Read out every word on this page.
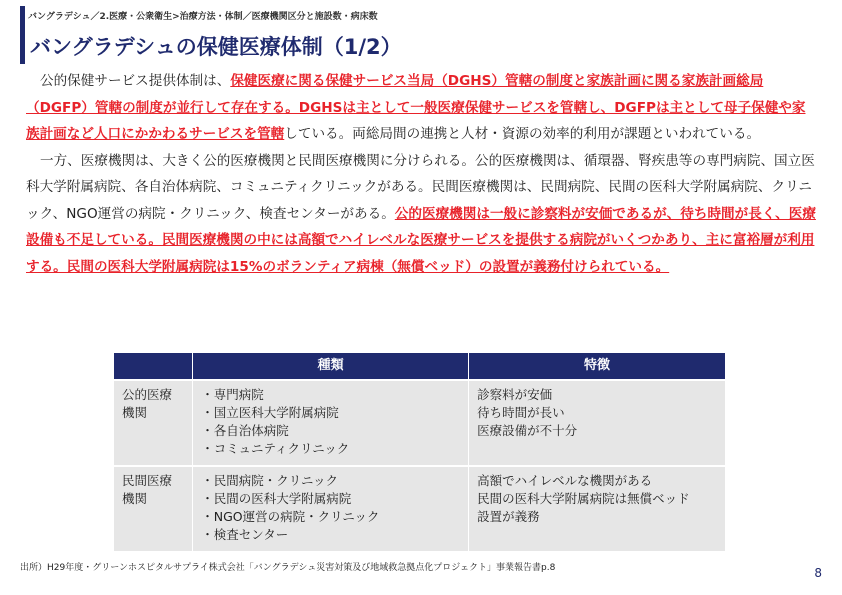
バングラデシュ／2.医療・公衆衛生>治療方法・体制／医療機関区分と施設数・病床数
バングラデシュの保健医療体制（1/2）

公的保健サービス提供体制は、保健医療に関る保健サービス当局（DGHS）管轄の制度と家族計画に関る家族計画総局（DGFP）管轄の制度が並行して存在する。DGHSは主として一般医療保健サービスを管轄し、DGFPは主として母子保健や家族計画など人口にかかわるサービスを管轄している。両総局間の連携と人材・資源の効率的利用が課題といわれている。

一方、医療機関は、大きく公的医療機関と民間医療機関に分けられる。公的医療機関は、循環器、腎疾患等の専門病院、国立医科大学附属病院、各自治体病院、コミュニティクリニックがある。民間医療機関は、民間病院、民間の医科大学附属病院、クリニック、NGO運営の病院・クリニック、検査センターがある。公的医療機関は一般に診察料が安価であるが、待ち時間が長く、医療設備も不足している。民間医療機関の中には高額でハイレベルな医療サービスを提供する病院がいくつかあり、主に富裕層が利用する。民間の医科大学附属病院は15%のボランティア病棟（無償ベッド）の設置が義務付けられている。

	種類	特徴

公的医療
機関	・専門病院
・国立医科大学附属病院
・各自治体病院
・コミュニティクリニック	診察料が安価
待ち時間が長い
医療設備が不十分

民間医療
機関	・民間病院・クリニック
・民間の医科大学附属病院
・NGO運営の病院・クリニック
・検査センター	高額でハイレベルな機関がある
民間の医科大学附属病院は無償ベッド
設置が義務
出所）H29年度・グリーンホスピタルサプライ株式会社「バングラデシュ災害対策及び地域救急拠点化プロジェクト」事業報告書p.8	8
